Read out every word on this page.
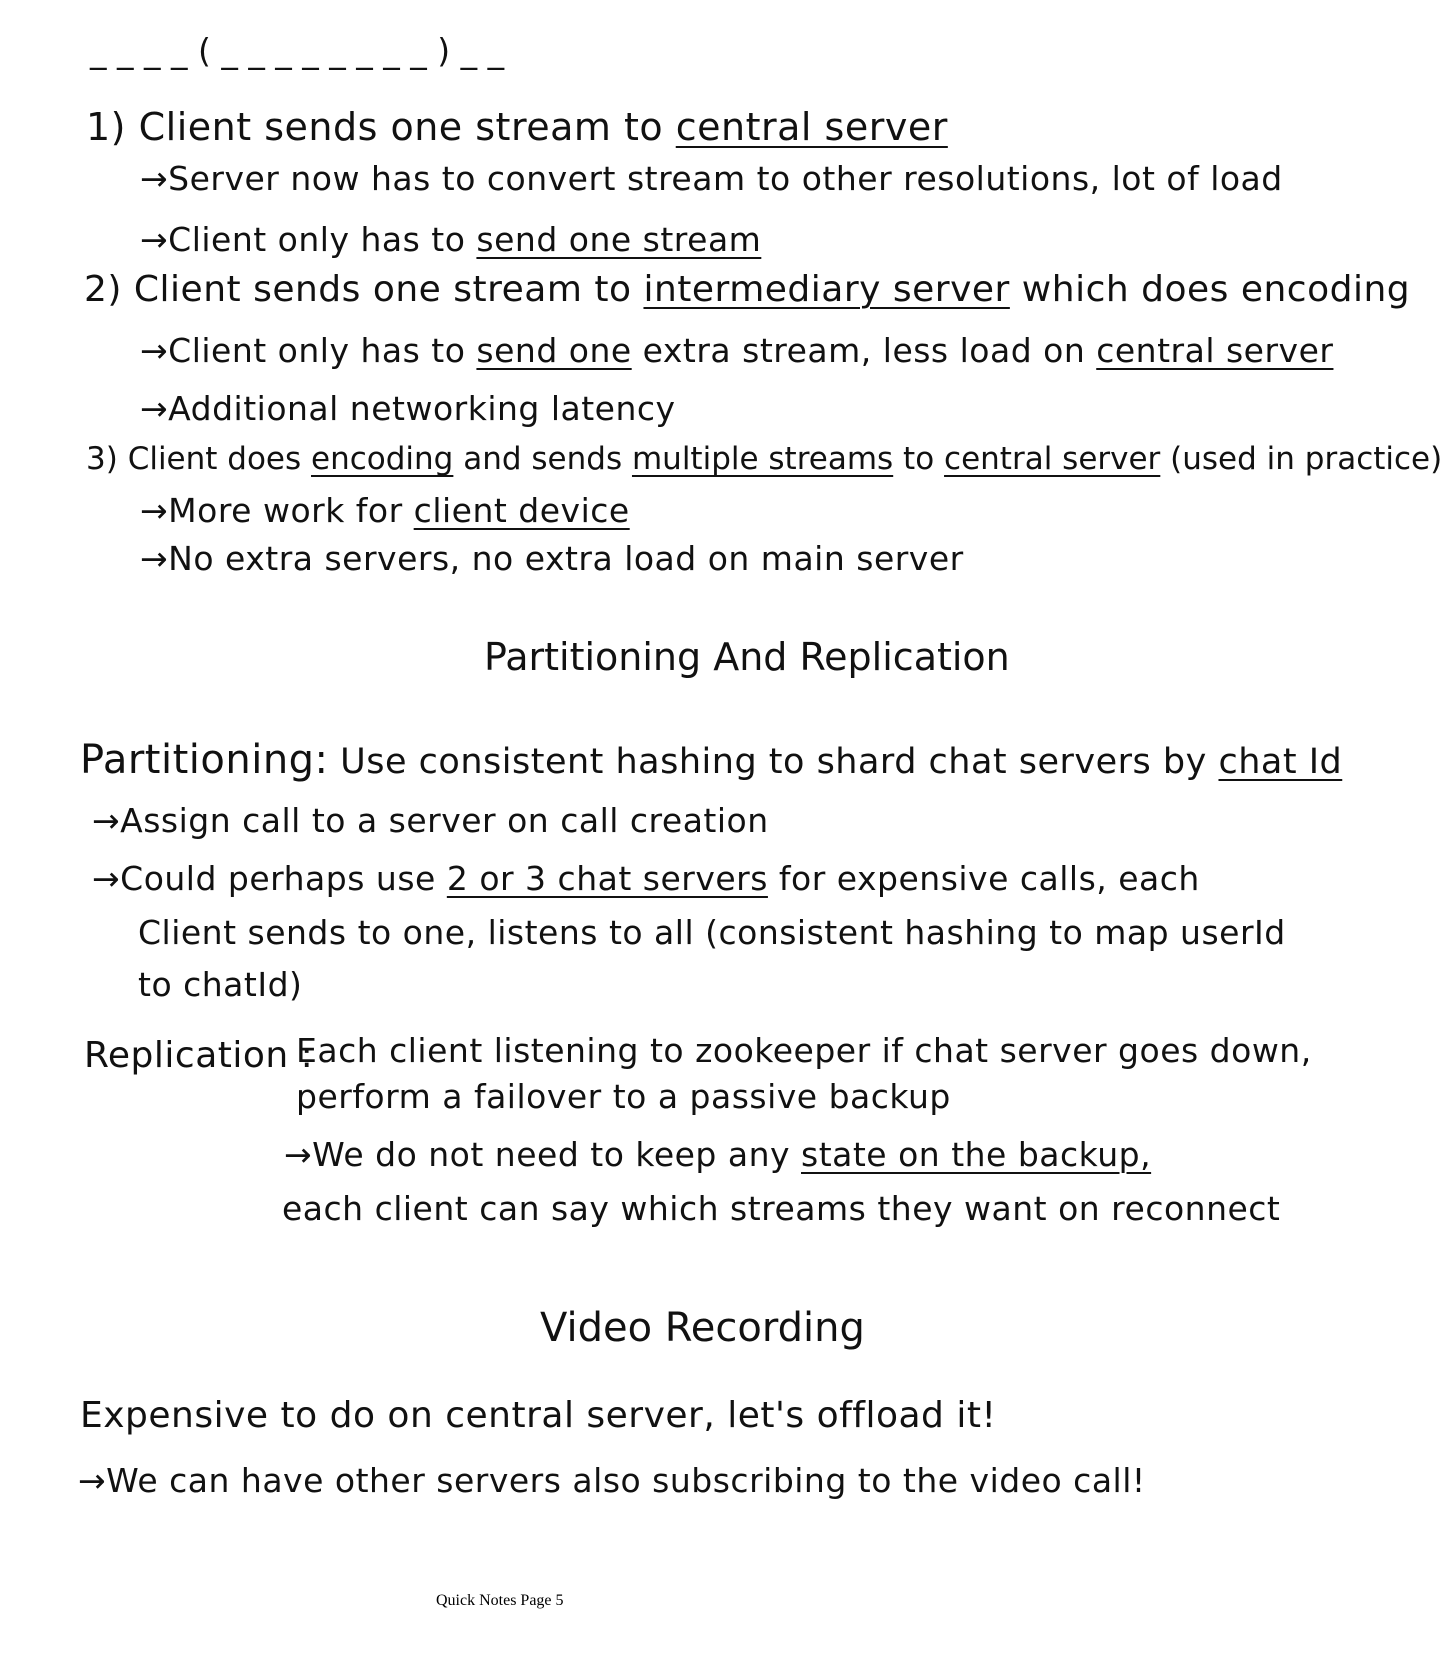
_ _ _ _ ( _ _ _ _ _ _ _ _ ) _ _
1) Client sends one stream to central server
→Server now has to convert stream to other resolutions, lot of load
→Client only has to send one stream
2) Client sends one stream to intermediary server which does encoding
→Client only has to send one extra stream, less load on central server
→Additional networking latency
3) Client does encoding and sends multiple streams to central server (used in practice)
→More work for client device
→No extra servers, no extra load on main server
Partitioning And Replication
Partitioning: Use consistent hashing to shard chat servers by chat Id
→Assign call to a server on call creation
→Could perhaps use 2 or 3 chat servers for expensive calls, each
Client sends to one, listens to all (consistent hashing to map userId
to chatId)
Replication :
Each client listening to zookeeper if chat server goes down,
perform a failover to a passive backup
→We do not need to keep any state on the backup,
each client can say which streams they want on reconnect
Video Recording
Expensive to do on central server, let's offload it!
→We can have other servers also subscribing to the video call!
Quick Notes Page 5
